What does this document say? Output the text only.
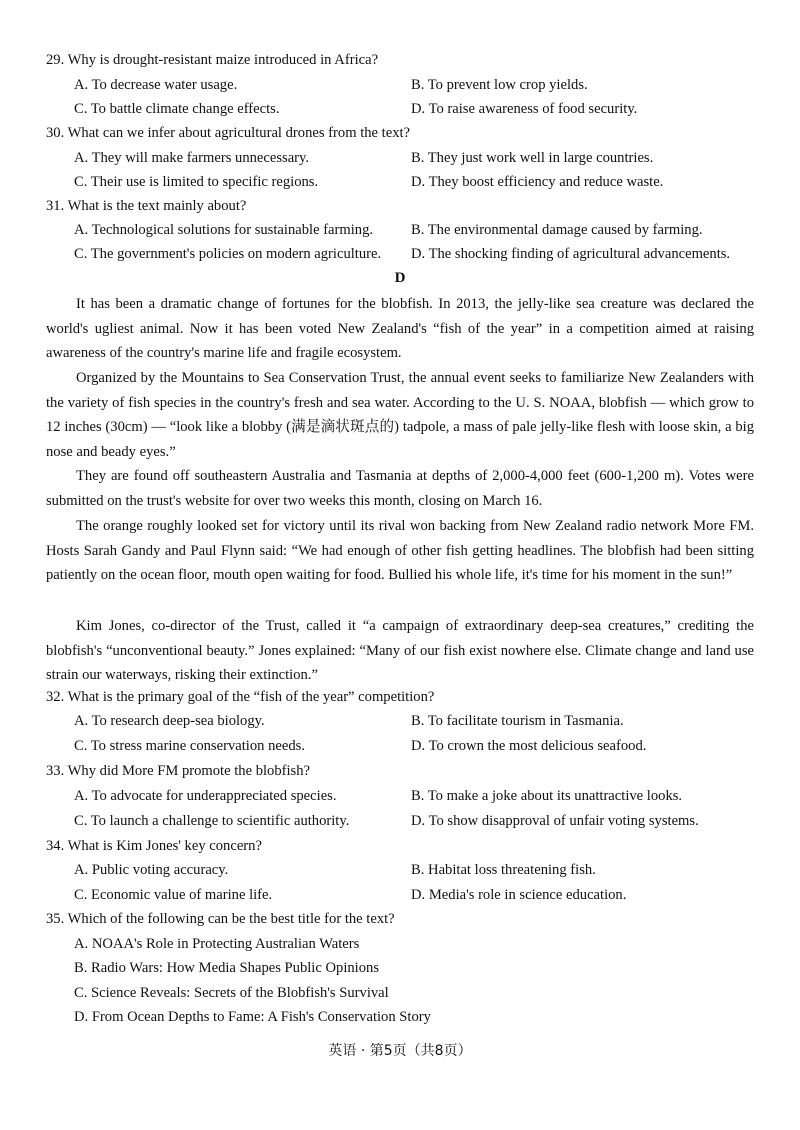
29. Why is drought-resistant maize introduced in Africa?
A. To decrease water usage.	B. To prevent low crop yields.
C. To battle climate change effects.	D. To raise awareness of food security.
30. What can we infer about agricultural drones from the text?
A. They will make farmers unnecessary.	B. They just work well in large countries.
C. Their use is limited to specific regions.	D. They boost efficiency and reduce waste.
31. What is the text mainly about?
A. Technological solutions for sustainable farming.	B. The environmental damage caused by farming.
C. The government's policies on modern agriculture. D. The shocking finding of agricultural advancements.
D
It has been a dramatic change of fortunes for the blobfish. In 2013, the jelly-like sea creature was declared the world's ugliest animal. Now it has been voted New Zealand's “fish of the year” in a competition aimed at raising awareness of the country's marine life and fragile ecosystem.
Organized by the Mountains to Sea Conservation Trust, the annual event seeks to familiarize New Zealanders with the variety of fish species in the country's fresh and sea water. According to the U. S. NOAA, blobfish — which grow to 12 inches (30cm) — “look like a blobby (满是滴状斑点的) tadpole, a mass of pale jelly-like flesh with loose skin, a big nose and beady eyes.”
They are found off southeastern Australia and Tasmania at depths of 2,000-4,000 feet (600-1,200 m). Votes were submitted on the trust's website for over two weeks this month, closing on March 16.
The orange roughly looked set for victory until its rival won backing from New Zealand radio network More FM. Hosts Sarah Gandy and Paul Flynn said: “We had enough of other fish getting headlines. The blobfish had been sitting patiently on the ocean floor, mouth open waiting for food. Bullied his whole life, it's time for his moment in the sun!”
Kim Jones, co-director of the Trust, called it “a campaign of extraordinary deep-sea creatures,” crediting the blobfish's “unconventional beauty.” Jones explained: “Many of our fish exist nowhere else. Climate change and land use strain our waterways, risking their extinction.”
32. What is the primary goal of the “fish of the year” competition?
A. To research deep-sea biology.	B. To facilitate tourism in Tasmania.
C. To stress marine conservation needs.	D. To crown the most delicious seafood.
33. Why did More FM promote the blobfish?
A. To advocate for underappreciated species.	B. To make a joke about its unattractive looks.
C. To launch a challenge to scientific authority.	D. To show disapproval of unfair voting systems.
34. What is Kim Jones' key concern?
A. Public voting accuracy.	B. Habitat loss threatening fish.
C. Economic value of marine life.	D. Media's role in science education.
35. Which of the following can be the best title for the text?
A. NOAA's Role in Protecting Australian Waters
B. Radio Wars: How Media Shapes Public Opinions
C. Science Reveals: Secrets of the Blobfish's Survival
D. From Ocean Depths to Fame: A Fish's Conservation Story
英语 · 第5页（共8页）
